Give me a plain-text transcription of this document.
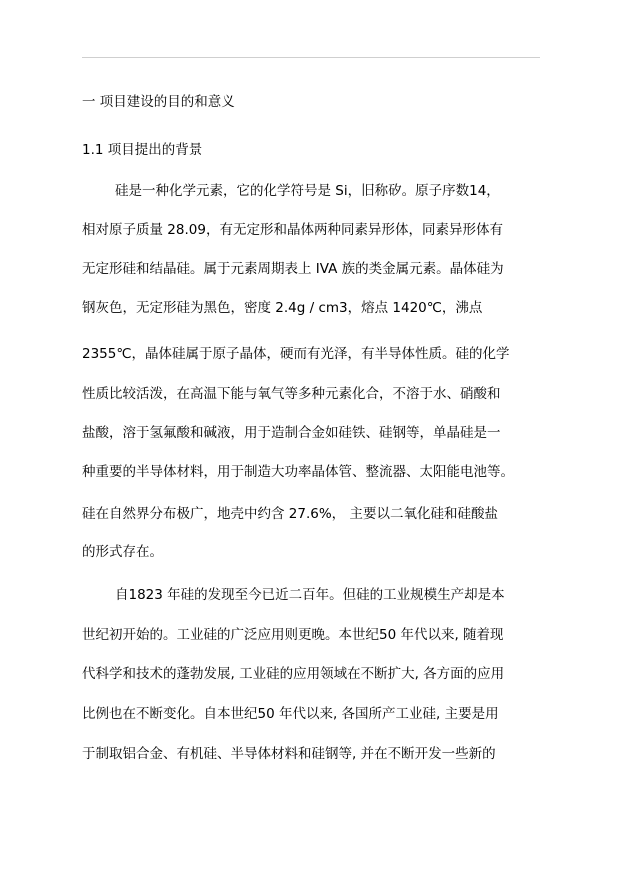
一 项目建设的目的和意义
1.1 项目提出的背景
硅是一种化学元素，它的化学符号是 Si，旧称矽。原子序数14，
相对原子质量 28.09，有无定形和晶体两种同素异形体，同素异形体有
无定形硅和结晶硅。属于元素周期表上 IVA 族的类金属元素。晶体硅为
钢灰色，无定形硅为黑色，密度 2.4g / cm3，熔点 1420℃，沸点
2355℃，晶体硅属于原子晶体，硬而有光泽，有半导体性质。硅的化学
性质比较活泼，在高温下能与氧气等多种元素化合，不溶于水、硝酸和
盐酸，溶于氢氟酸和碱液，用于造制合金如硅铁、硅钢等，单晶硅是一
种重要的半导体材料，用于制造大功率晶体管、整流器、太阳能电池等。
硅在自然界分布极广，地壳中约含 27.6%， 主要以二氧化硅和硅酸盐
的形式存在。
自1823 年硅的发现至今已近二百年。但硅的工业规模生产却是本
世纪初开始的。工业硅的广泛应用则更晚。本世纪50 年代以来, 随着现
代科学和技术的蓬勃发展, 工业硅的应用领域在不断扩大, 各方面的应用
比例也在不断变化。自本世纪50 年代以来, 各国所产工业硅, 主要是用
于制取铝合金、有机硅、半导体材料和硅钢等, 并在不断开发一些新的
